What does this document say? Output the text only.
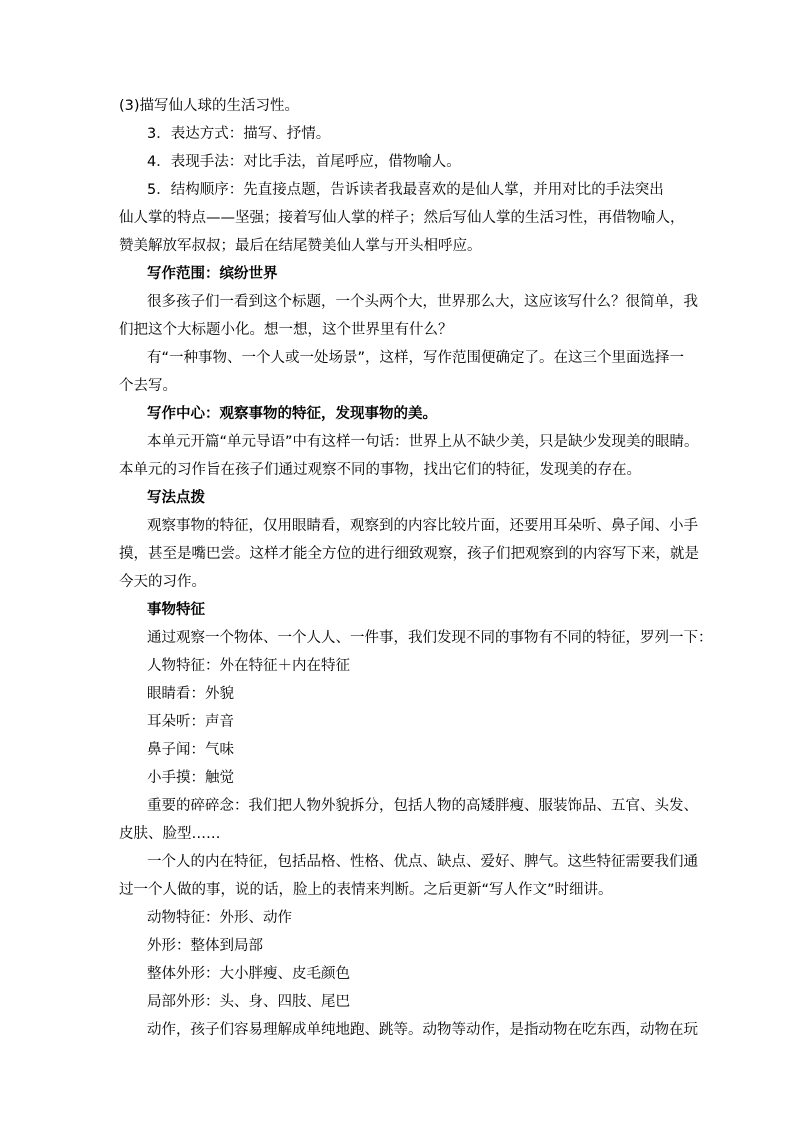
(3)描写仙人球的生活习性。

3．表达方式：描写、抒情。

4．表现手法：对比手法，首尾呼应，借物喻人。

5．结构顺序：先直接点题，告诉读者我最喜欢的是仙人掌，并用对比的手法突出

仙人掌的特点——坚强；接着写仙人掌的样子；然后写仙人掌的生活习性，再借物喻人，

赞美解放军叔叔；最后在结尾赞美仙人掌与开头相呼应。

写作范围：缤纷世界

很多孩子们一看到这个标题，一个头两个大，世界那么大，这应该写什么？很简单，我

们把这个大标题小化。想一想，这个世界里有什么？

有“一种事物、一个人或一处场景”，这样，写作范围便确定了。在这三个里面选择一

个去写。

写作中心：观察事物的特征，发现事物的美。

本单元开篇“单元导语”中有这样一句话：世界上从不缺少美，只是缺少发现美的眼睛。

本单元的习作旨在孩子们通过观察不同的事物，找出它们的特征，发现美的存在。

写法点拨

观察事物的特征，仅用眼睛看，观察到的内容比较片面，还要用耳朵听、鼻子闻、小手

摸，甚至是嘴巴尝。这样才能全方位的进行细致观察，孩子们把观察到的内容写下来，就是

今天的习作。

事物特征

通过观察一个物体、一个人人、一件事，我们发现不同的事物有不同的特征，罗列一下：

人物特征：外在特征＋内在特征

眼睛看：外貌

耳朵听：声音

鼻子闻：气味

小手摸：触觉

重要的碎碎念：我们把人物外貌拆分，包括人物的高矮胖瘦、服装饰品、五官、头发、

皮肤、脸型……

一个人的内在特征，包括品格、性格、优点、缺点、爱好、脾气。这些特征需要我们通

过一个人做的事，说的话，脸上的表情来判断。之后更新“写人作文”时细讲。

动物特征：外形、动作

外形：整体到局部

整体外形：大小胖瘦、皮毛颜色

局部外形：头、身、四肢、尾巴

动作，孩子们容易理解成单纯地跑、跳等。动物等动作，是指动物在吃东西，动物在玩
